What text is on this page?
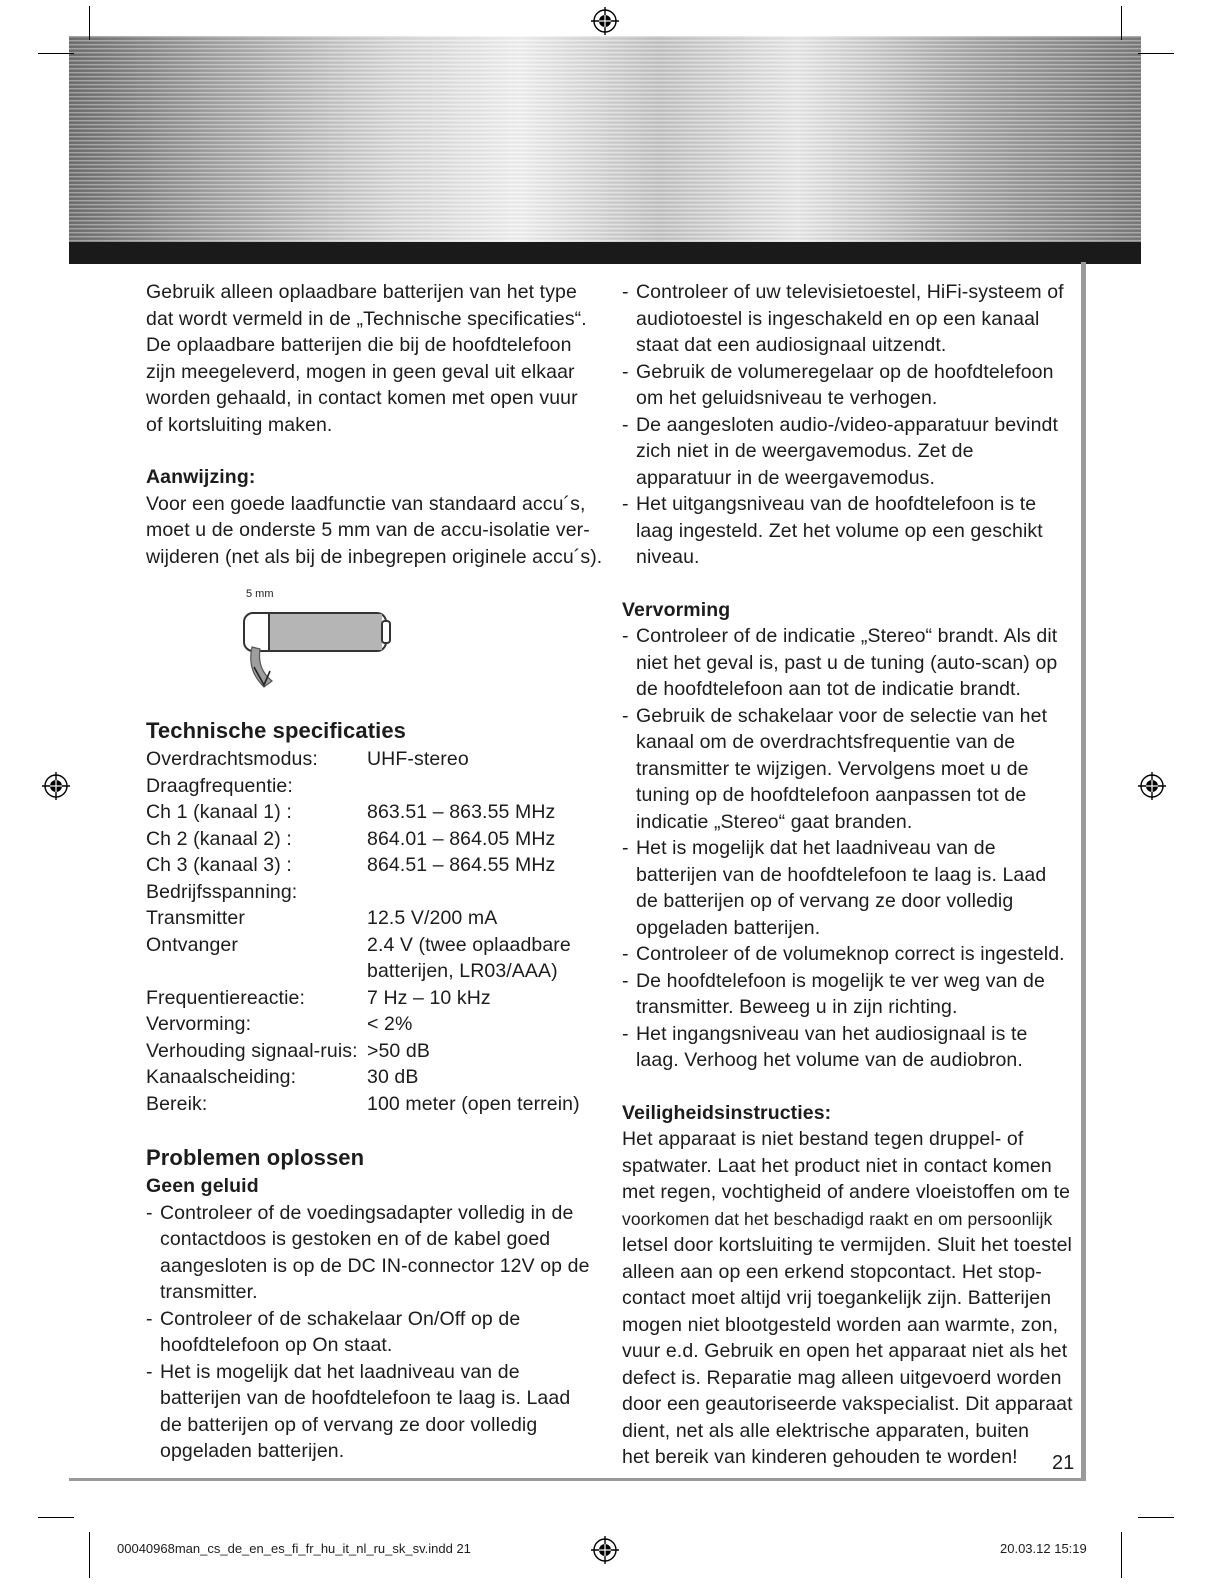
Gebruik alleen oplaadbare batterijen van het type
dat wordt vermeld in de „Technische specificaties“.
De oplaadbare batterijen die bij de hoofdtelefoon
zijn meegeleverd, mogen in geen geval uit elkaar
worden gehaald, in contact komen met open vuur
of kortsluiting maken.

Aanwijzing:

Voor een goede laadfunctie van standaard accu´s,
moet u de onderste 5 mm van de accu-isolatie ver-
wijderen (net als bij de inbegrepen originele accu´s).

Technische specificaties

Overdrachtsmodus:	UHF-stereo
Draagfrequentie:
Ch 1 (kanaal 1) :	863.51 – 863.55 MHz
Ch 2 (kanaal 2) :	864.01 – 864.05 MHz
Ch 3 (kanaal 3) :	864.51 – 864.55 MHz
Bedrijfsspanning:
Transmitter	12.5 V/200 mA
Ontvanger	2.4 V (twee oplaadbare batterijen, LR03/AAA)
Frequentiereactie:	7 Hz – 10 kHz
Vervorming:	< 2%
Verhouding signaal-ruis: >50 dB
Kanaalscheiding:	30 dB
Bereik:	100 meter (open terrein)

Problemen oplossen

Geen geluid

- Controleer of de voedingsadapter volledig in de contactdoos is gestoken en of de kabel goed aangesloten is op de DC IN-connector 12V op de transmitter.
- Controleer of de schakelaar On/Off op de hoofdtelefoon op On staat.
- Het is mogelijk dat het laadniveau van de batterijen van de hoofdtelefoon te laag is. Laad de batterijen op of vervang ze door volledig opgeladen batterijen.
5 mm
- Controleer of uw televisietoestel, HiFi-systeem of audiotoestel is ingeschakeld en op een kanaal staat dat een audiosignaal uitzendt.
- Gebruik de volumeregelaar op de hoofdtelefoon om het geluidsniveau te verhogen.
- De aangesloten audio-/video-apparatuur bevindt zich niet in de weergavemodus. Zet de apparatuur in de weergavemodus.
- Het uitgangsniveau van de hoofdtelefoon is te laag ingesteld. Zet het volume op een geschikt niveau.

Vervorming

- Controleer of de indicatie „Stereo“ brandt. Als dit niet het geval is, past u de tuning (auto-scan) op de hoofdtelefoon aan tot de indicatie brandt.
- Gebruik de schakelaar voor de selectie van het kanaal om de overdrachtsfrequentie van de transmitter te wijzigen. Vervolgens moet u de tuning op de hoofdtelefoon aanpassen tot de indicatie „Stereo“ gaat branden.
- Het is mogelijk dat het laadniveau van de batterijen van de hoofdtelefoon te laag is. Laad de batterijen op of vervang ze door volledig opgeladen batterijen.
- Controleer of de volumeknop correct is ingesteld.
- De hoofdtelefoon is mogelijk te ver weg van de transmitter. Beweeg u in zijn richting.
- Het ingangsniveau van het audiosignaal is te laag. Verhoog het volume van de audiobron.

Veiligheidsinstructies:

Het apparaat is niet bestand tegen druppel- of
spatwater. Laat het product niet in contact komen
met regen, vochtigheid of andere vloeistoffen om te
voorkomen dat het beschadigd raakt en om persoonlijk
letsel door kortsluiting te vermijden. Sluit het toestel
alleen aan op een erkend stopcontact. Het stop-
contact moet altijd vrij toegankelijk zijn. Batterijen
mogen niet blootgesteld worden aan warmte, zon,
vuur e.d. Gebruik en open het apparaat niet als het
defect is. Reparatie mag alleen uitgevoerd worden
door een geautoriseerde vakspecialist. Dit apparaat
dient, net als alle elektrische apparaten, buiten
het bereik van kinderen gehouden te worden!	21
00040968man_cs_de_en_es_fi_fr_hu_it_nl_ru_sk_sv.indd 21	20.03.12 15:19
